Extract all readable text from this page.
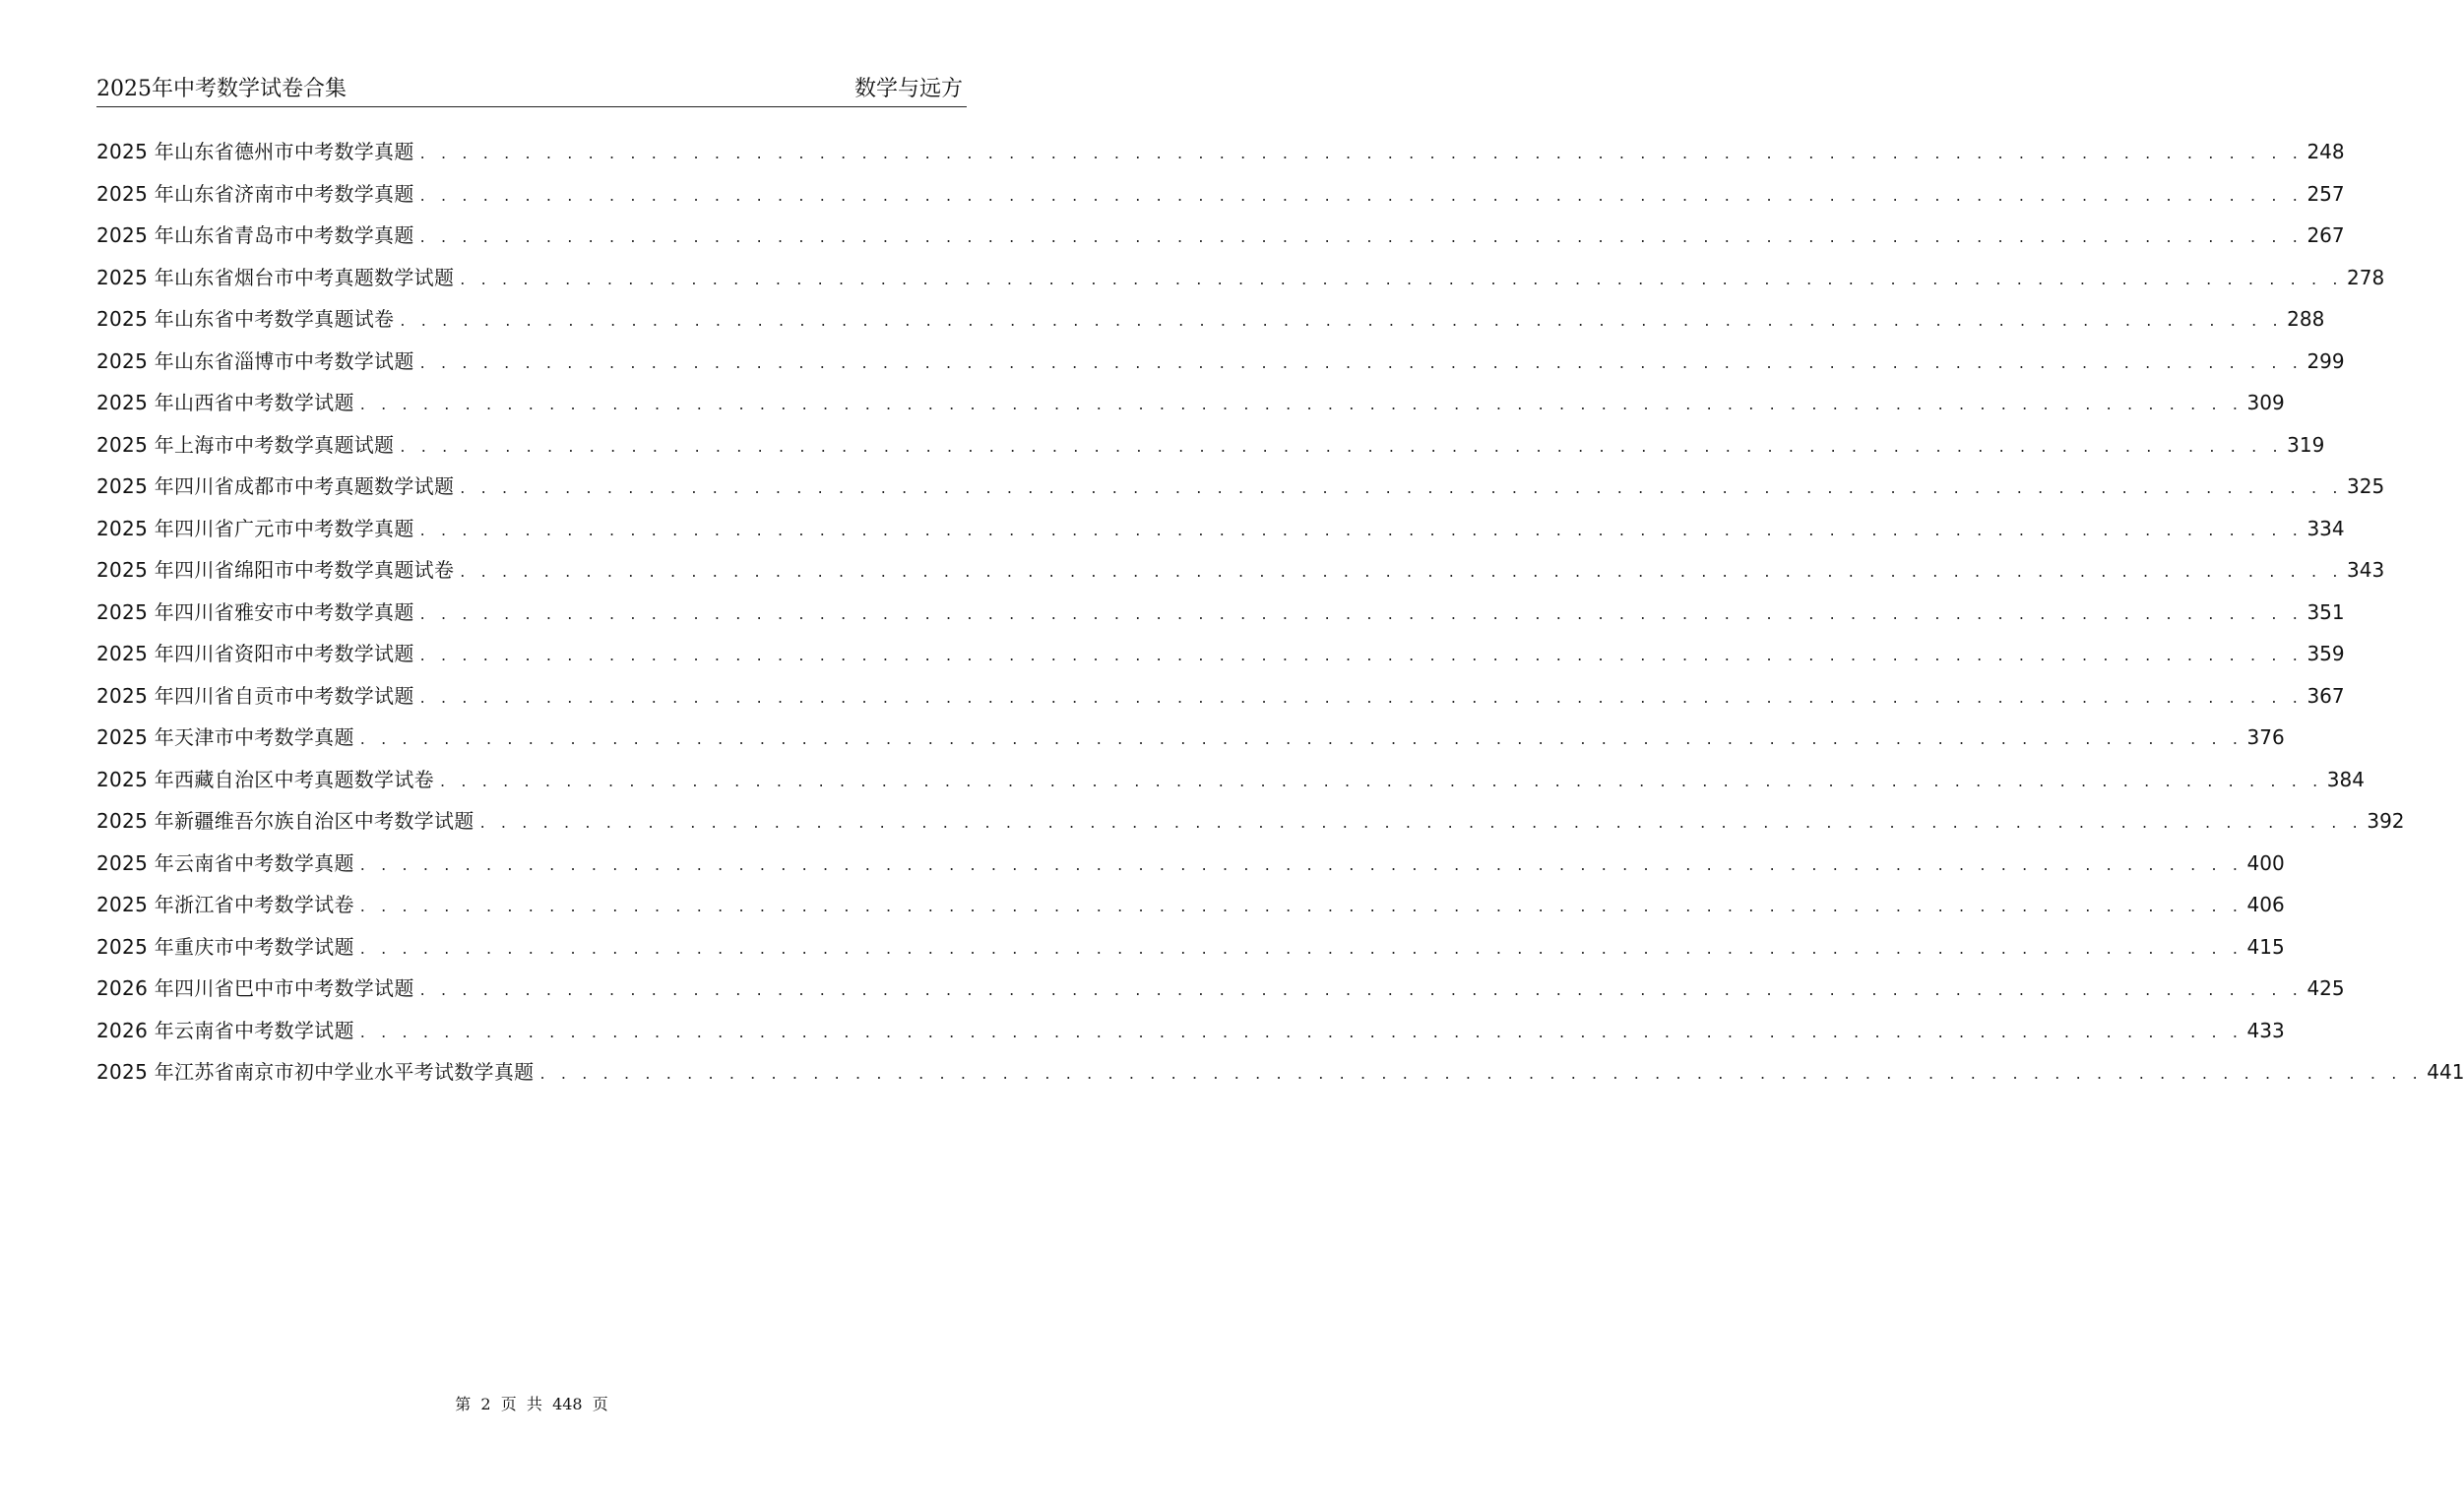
2025年中考数学试卷合集	数学与远方
2025 年山东省德州市中考数学真题 . . . . . . . . . . . . . . . . . . . . . . . . . . . . . . . . . . . . . . . . . . . . . . . . . . . . . . . . . . . . . . . . . . . . . . . . . . . . . . . . . . . . . . . . . . 248
2025 年山东省济南市中考数学真题 . . . . . . . . . . . . . . . . . . . . . . . . . . . . . . . . . . . . . . . . . . . . . . . . . . . . . . . . . . . . . . . . . . . . . . . . . . . . . . . . . . . . . . . . . . 257
2025 年山东省青岛市中考数学真题 . . . . . . . . . . . . . . . . . . . . . . . . . . . . . . . . . . . . . . . . . . . . . . . . . . . . . . . . . . . . . . . . . . . . . . . . . . . . . . . . . . . . . . . . . . 267
2025 年山东省烟台市中考真题数学试题 . . . . . . . . . . . . . . . . . . . . . . . . . . . . . . . . . . . . . . . . . . . . . . . . . . . . . . . . . . . . . . . . . . . . . . . . . . . . . . . . . . . . . . . . . . 278
2025 年山东省中考数学真题试卷 . . . . . . . . . . . . . . . . . . . . . . . . . . . . . . . . . . . . . . . . . . . . . . . . . . . . . . . . . . . . . . . . . . . . . . . . . . . . . . . . . . . . . . . . . . 288
2025 年山东省淄博市中考数学试题 . . . . . . . . . . . . . . . . . . . . . . . . . . . . . . . . . . . . . . . . . . . . . . . . . . . . . . . . . . . . . . . . . . . . . . . . . . . . . . . . . . . . . . . . . . 299
2025 年山西省中考数学试题 . . . . . . . . . . . . . . . . . . . . . . . . . . . . . . . . . . . . . . . . . . . . . . . . . . . . . . . . . . . . . . . . . . . . . . . . . . . . . . . . . . . . . . . . . . 309
2025 年上海市中考数学真题试题 . . . . . . . . . . . . . . . . . . . . . . . . . . . . . . . . . . . . . . . . . . . . . . . . . . . . . . . . . . . . . . . . . . . . . . . . . . . . . . . . . . . . . . . . . . 319
2025 年四川省成都市中考真题数学试题 . . . . . . . . . . . . . . . . . . . . . . . . . . . . . . . . . . . . . . . . . . . . . . . . . . . . . . . . . . . . . . . . . . . . . . . . . . . . . . . . . . . . . . . . . . 325
2025 年四川省广元市中考数学真题 . . . . . . . . . . . . . . . . . . . . . . . . . . . . . . . . . . . . . . . . . . . . . . . . . . . . . . . . . . . . . . . . . . . . . . . . . . . . . . . . . . . . . . . . . . 334
2025 年四川省绵阳市中考数学真题试卷 . . . . . . . . . . . . . . . . . . . . . . . . . . . . . . . . . . . . . . . . . . . . . . . . . . . . . . . . . . . . . . . . . . . . . . . . . . . . . . . . . . . . . . . . . . 343
2025 年四川省雅安市中考数学真题 . . . . . . . . . . . . . . . . . . . . . . . . . . . . . . . . . . . . . . . . . . . . . . . . . . . . . . . . . . . . . . . . . . . . . . . . . . . . . . . . . . . . . . . . . . 351
2025 年四川省资阳市中考数学试题 . . . . . . . . . . . . . . . . . . . . . . . . . . . . . . . . . . . . . . . . . . . . . . . . . . . . . . . . . . . . . . . . . . . . . . . . . . . . . . . . . . . . . . . . . . 359
2025 年四川省自贡市中考数学试题 . . . . . . . . . . . . . . . . . . . . . . . . . . . . . . . . . . . . . . . . . . . . . . . . . . . . . . . . . . . . . . . . . . . . . . . . . . . . . . . . . . . . . . . . . . 367
2025 年天津市中考数学真题 . . . . . . . . . . . . . . . . . . . . . . . . . . . . . . . . . . . . . . . . . . . . . . . . . . . . . . . . . . . . . . . . . . . . . . . . . . . . . . . . . . . . . . . . . . 376
2025 年西藏自治区中考真题数学试卷 . . . . . . . . . . . . . . . . . . . . . . . . . . . . . . . . . . . . . . . . . . . . . . . . . . . . . . . . . . . . . . . . . . . . . . . . . . . . . . . . . . . . . . . . . . 384
2025 年新疆维吾尔族自治区中考数学试题 . . . . . . . . . . . . . . . . . . . . . . . . . . . . . . . . . . . . . . . . . . . . . . . . . . . . . . . . . . . . . . . . . . . . . . . . . . . . . . . . . . . . . . . . . . 392
2025 年云南省中考数学真题 . . . . . . . . . . . . . . . . . . . . . . . . . . . . . . . . . . . . . . . . . . . . . . . . . . . . . . . . . . . . . . . . . . . . . . . . . . . . . . . . . . . . . . . . . . 400
2025 年浙江省中考数学试卷 . . . . . . . . . . . . . . . . . . . . . . . . . . . . . . . . . . . . . . . . . . . . . . . . . . . . . . . . . . . . . . . . . . . . . . . . . . . . . . . . . . . . . . . . . . 406
2025 年重庆市中考数学试题 . . . . . . . . . . . . . . . . . . . . . . . . . . . . . . . . . . . . . . . . . . . . . . . . . . . . . . . . . . . . . . . . . . . . . . . . . . . . . . . . . . . . . . . . . . 415
2026 年四川省巴中市中考数学试题 . . . . . . . . . . . . . . . . . . . . . . . . . . . . . . . . . . . . . . . . . . . . . . . . . . . . . . . . . . . . . . . . . . . . . . . . . . . . . . . . . . . . . . . . . . 425
2026 年云南省中考数学试题 . . . . . . . . . . . . . . . . . . . . . . . . . . . . . . . . . . . . . . . . . . . . . . . . . . . . . . . . . . . . . . . . . . . . . . . . . . . . . . . . . . . . . . . . . . 433
2025 年江苏省南京市初中学业水平考试数学真题 . . . . . . . . . . . . . . . . . . . . . . . . . . . . . . . . . . . . . . . . . . . . . . . . . . . . . . . . . . . . . . . . . . . . . . . . . . . . . . . . . . . . . . . . . . 441
第  2  页  共  448  页
